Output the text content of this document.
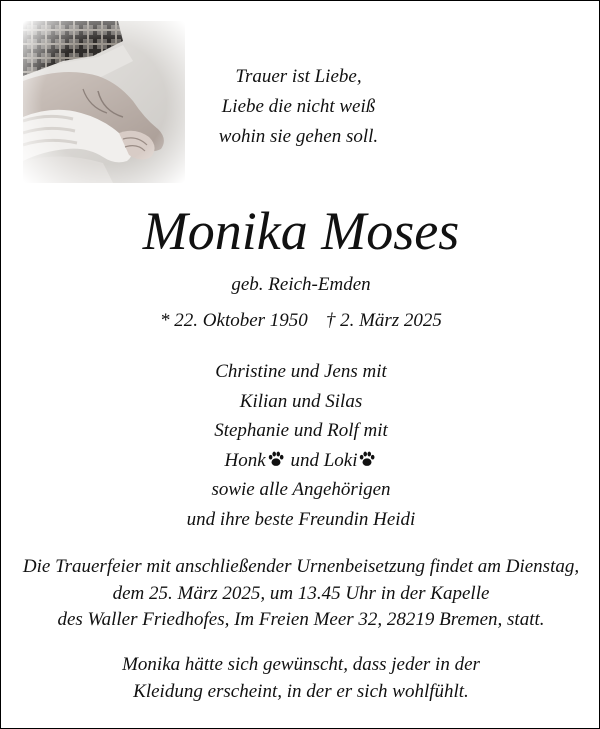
Trauer ist Liebe,
Liebe die nicht weiß
wohin sie gehen soll.
Monika Moses
geb. Reich-Emden
* 22. Oktober 1950 † 2. März 2025
Christine und Jens mit
Kilian und Silas
Stephanie und Rolf mit
Honk und Loki
sowie alle Angehörigen
und ihre beste Freundin Heidi
Die Trauerfeier mit anschließender Urnenbeisetzung findet am Dienstag,
dem 25. März 2025, um 13.45 Uhr in der Kapelle
des Waller Friedhofes, Im Freien Meer 32, 28219 Bremen, statt.
Monika hätte sich gewünscht, dass jeder in der
Kleidung erscheint, in der er sich wohlfühlt.
